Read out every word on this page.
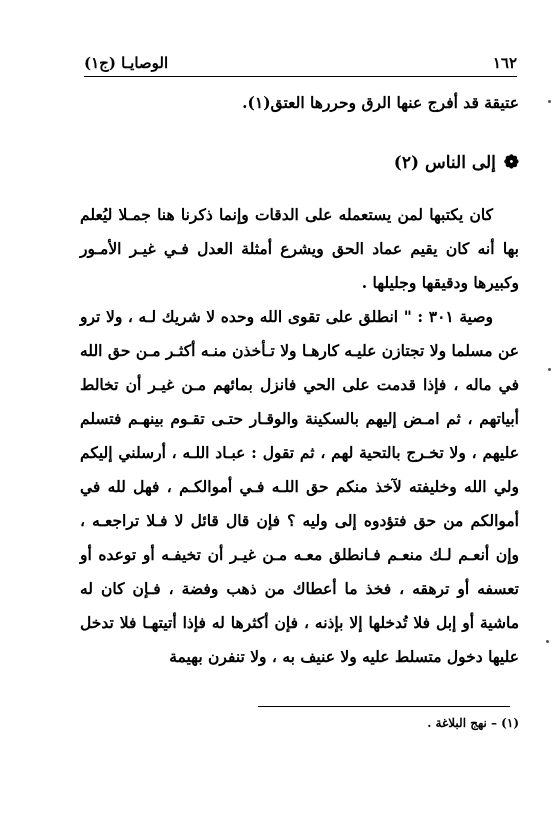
١٦٢
الوصايـا (ج١)

عتيقة قد أفرج عنها الرق وحررها العتق(١).

❁
إلى الناس (٢)

كان يكتبها لمن يستعمله على الدقات وإنما ذكرنا هنا جمـلا ليُعلم بها أنه كان يقيم عماد الحق ويشرع أمثلة العدل فـي غيـر الأمـور وكبيرها ودقيقها وجليلها .

وصية ٣٠١ : " انطلق على تقوى الله وحده لا شريك لـه ، ولا ترو عن مسلما ولا تجتازن عليـه كارهـا ولا تـأخذن منـه أكثـر مـن حق الله في ماله ، فإذا قدمت على الحي فانزل بمائهم مـن غيـر أن تخالط أبياتهم ، ثم امـض إليهم بالسكينة والوقـار حتـى تقـوم بينهـم فتسلم عليهم ، ولا تخـرج بالتحية لهم ، ثم تقول : عبـاد اللـه ، أرسلني إليكم ولي الله وخليفته لآخذ منكم حق اللـه فـي أموالكـم ، فهل لله في أموالكم من حق فتؤدوه إلى وليه ؟ فإن قال قائل لا فـلا تراجعـه ، وإن أنعـم لـك منعـم فـانطلق معـه مـن غيـر أن تخيفـه أو توعده أو تعسفه أو ترهقه ، فخذ ما أعطاك من ذهب وفضة ، فـإن كان له ماشية أو إبل فلا تُدخلها إلا بإذنه ، فإن أكثرها له فإذا أتيتهـا فلا تدخل عليها دخول متسلط عليه ولا عنيف به ، ولا تنفرن بهيمة

(١) – نهج البلاغة .
